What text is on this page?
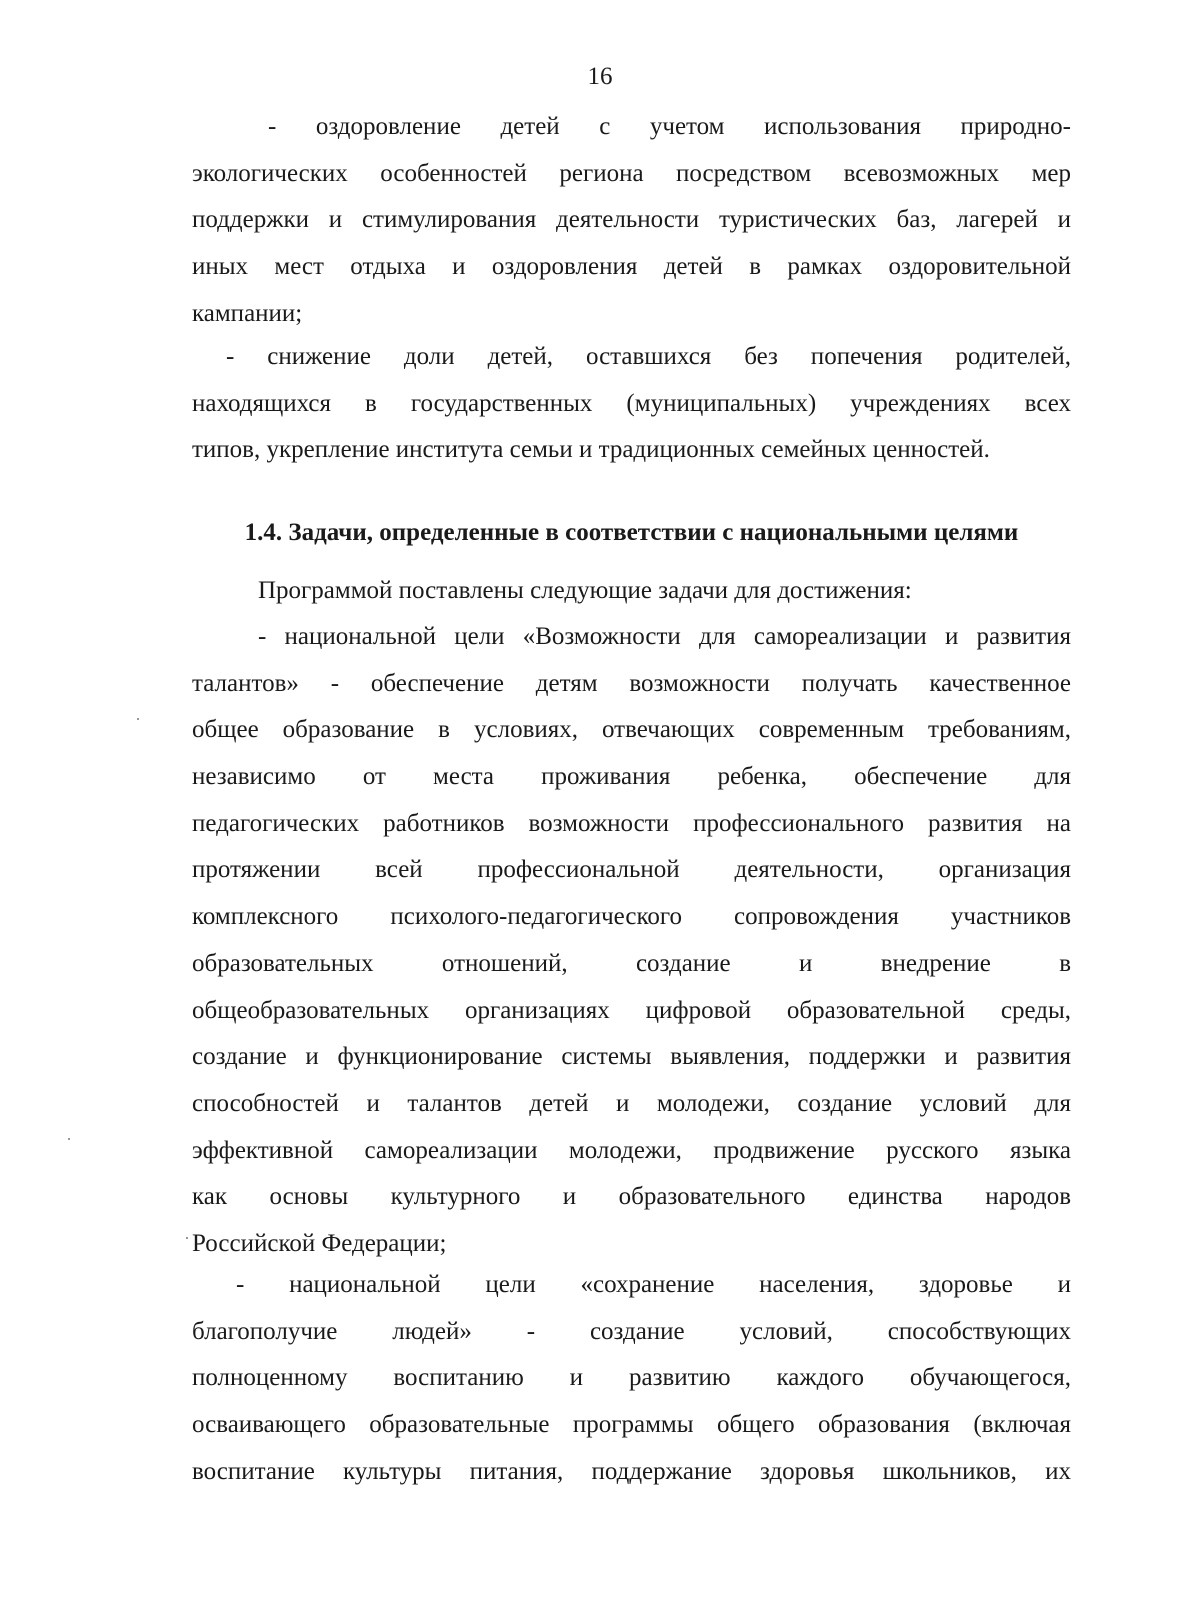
16
- оздоровление детей с учетом использования природно-
экологических особенностей региона посредством всевозможных мер
поддержки и стимулирования деятельности туристических баз, лагерей и
иных мест отдыха и оздоровления детей в рамках оздоровительной
кампании;
- снижение доли детей, оставшихся без попечения родителей,
находящихся в государственных (муниципальных) учреждениях всех
типов, укрепление института семьи и традиционных семейных ценностей.
1.4. Задачи, определенные в соответствии с национальными целями
Программой поставлены следующие задачи для достижения:
- национальной цели «Возможности для самореализации и развития
талантов» - обеспечение детям возможности получать качественное
общее образование в условиях, отвечающих современным требованиям,
независимо от места проживания ребенка, обеспечение для
педагогических работников возможности профессионального развития на
протяжении всей профессиональной деятельности, организация
комплексного психолого-педагогического сопровождения участников
образовательных отношений, создание и внедрение в
общеобразовательных организациях цифровой образовательной среды,
создание и функционирование системы выявления, поддержки и развития
способностей и талантов детей и молодежи, создание условий для
эффективной самореализации молодежи, продвижение русского языка
как основы культурного и образовательного единства народов
Российской Федерации;
- национальной цели «сохранение населения, здоровье и
благополучие людей» - создание условий, способствующих
полноценному воспитанию и развитию каждого обучающегося,
осваивающего образовательные программы общего образования (включая
воспитание культуры питания, поддержание здоровья школьников, их
